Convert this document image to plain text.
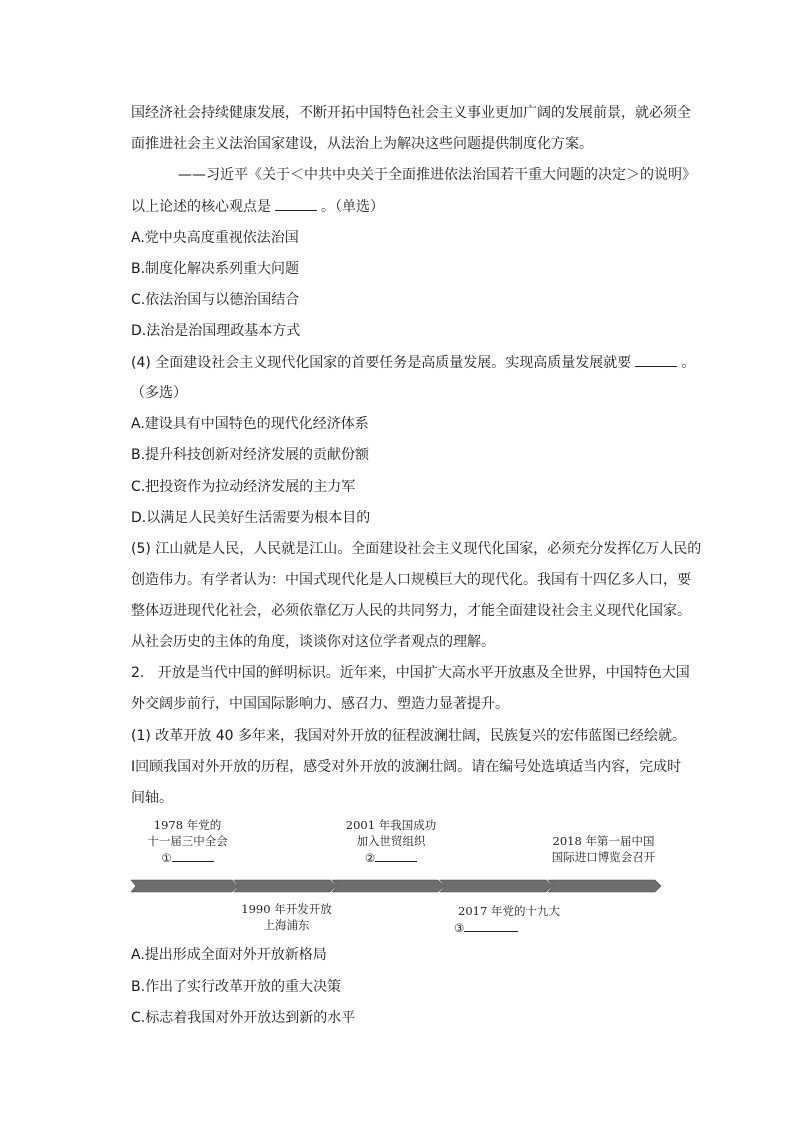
国经济社会持续健康发展，不断开拓中国特色社会主义事业更加广阔的发展前景，就必须全
面推进社会主义法治国家建设，从法治上为解决这些问题提供制度化方案。
——习近平《关于＜中共中央关于全面推进依法治国若干重大问题的决定＞的说明》
以上论述的核心观点是	。（单选）
A.党中央高度重视依法治国
B.制度化解决系列重大问题
C.依法治国与以德治国结合
D.法治是治国理政基本方式
(4) 全面建设社会主义现代化国家的首要任务是高质量发展。实现高质量发展就要	。
（多选）
A.建设具有中国特色的现代化经济体系
B.提升科技创新对经济发展的贡献份额
C.把投资作为拉动经济发展的主力军
D.以满足人民美好生活需要为根本目的
(5) 江山就是人民，人民就是江山。全面建设社会主义现代化国家，必须充分发挥亿万人民的
创造伟力。有学者认为：中国式现代化是人口规模巨大的现代化。我国有十四亿多人口，要
整体迈进现代化社会，必须依靠亿万人民的共同努力，才能全面建设社会主义现代化国家。
从社会历史的主体的角度，谈谈你对这位学者观点的理解。
2.   开放是当代中国的鲜明标识。近年来，中国扩大高水平开放惠及全世界，中国特色大国
外交阔步前行，中国国际影响力、感召力、塑造力显著提升。
(1) 改革开放 40 多年来，我国对外开放的征程波澜壮阔，民族复兴的宏伟蓝图已经绘就。
Ⅰ回顾我国对外开放的历程，感受对外开放的波澜壮阔。请在编号处选填适当内容，完成时
间轴。
1978 年党的
十一届三中全会
①
2001 年我国成功
加入世贸组织
②
2018 年第一届中国
国际进口博览会召开
1990 年开发开放
上海浦东
2017 年党的十九大
③
A.提出形成全面对外开放新格局
B.作出了实行改革开放的重大决策
C.标志着我国对外开放达到新的水平
